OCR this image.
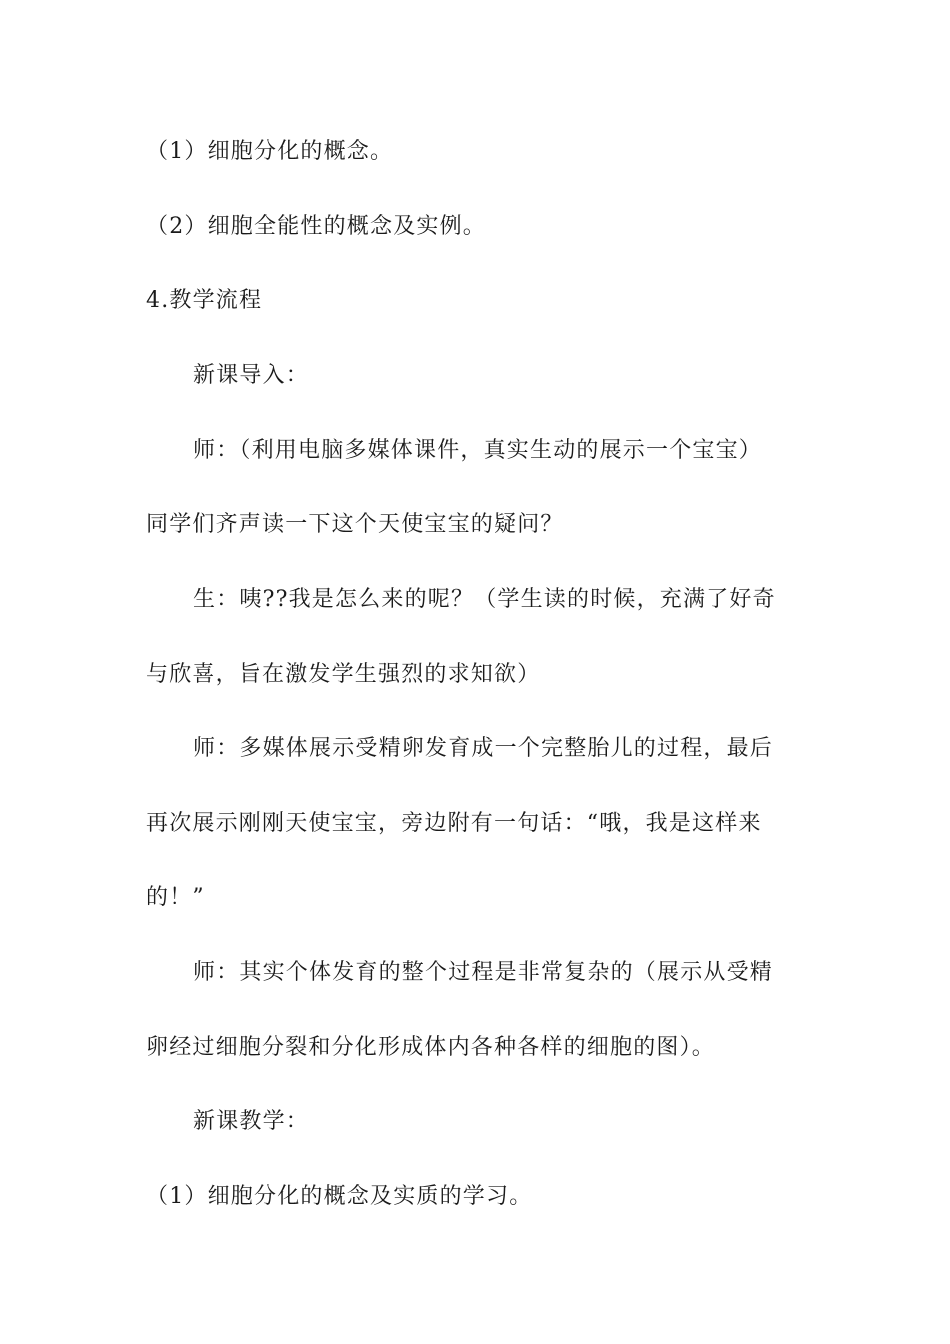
（1）细胞分化的概念。
（2）细胞全能性的概念及实例。
4.教学流程
新课导入：
师：（利用电脑多媒体课件，真实生动的展示一个宝宝）
同学们齐声读一下这个天使宝宝的疑问？
生：咦??我是怎么来的呢？（学生读的时候，充满了好奇
与欣喜，旨在激发学生强烈的求知欲）
师：多媒体展示受精卵发育成一个完整胎儿的过程，最后
再次展示刚刚天使宝宝，旁边附有一句话：“哦，我是这样来
的！”
师：其实个体发育的整个过程是非常复杂的（展示从受精
卵经过细胞分裂和分化形成体内各种各样的细胞的图）。
新课教学：
（1）细胞分化的概念及实质的学习。
